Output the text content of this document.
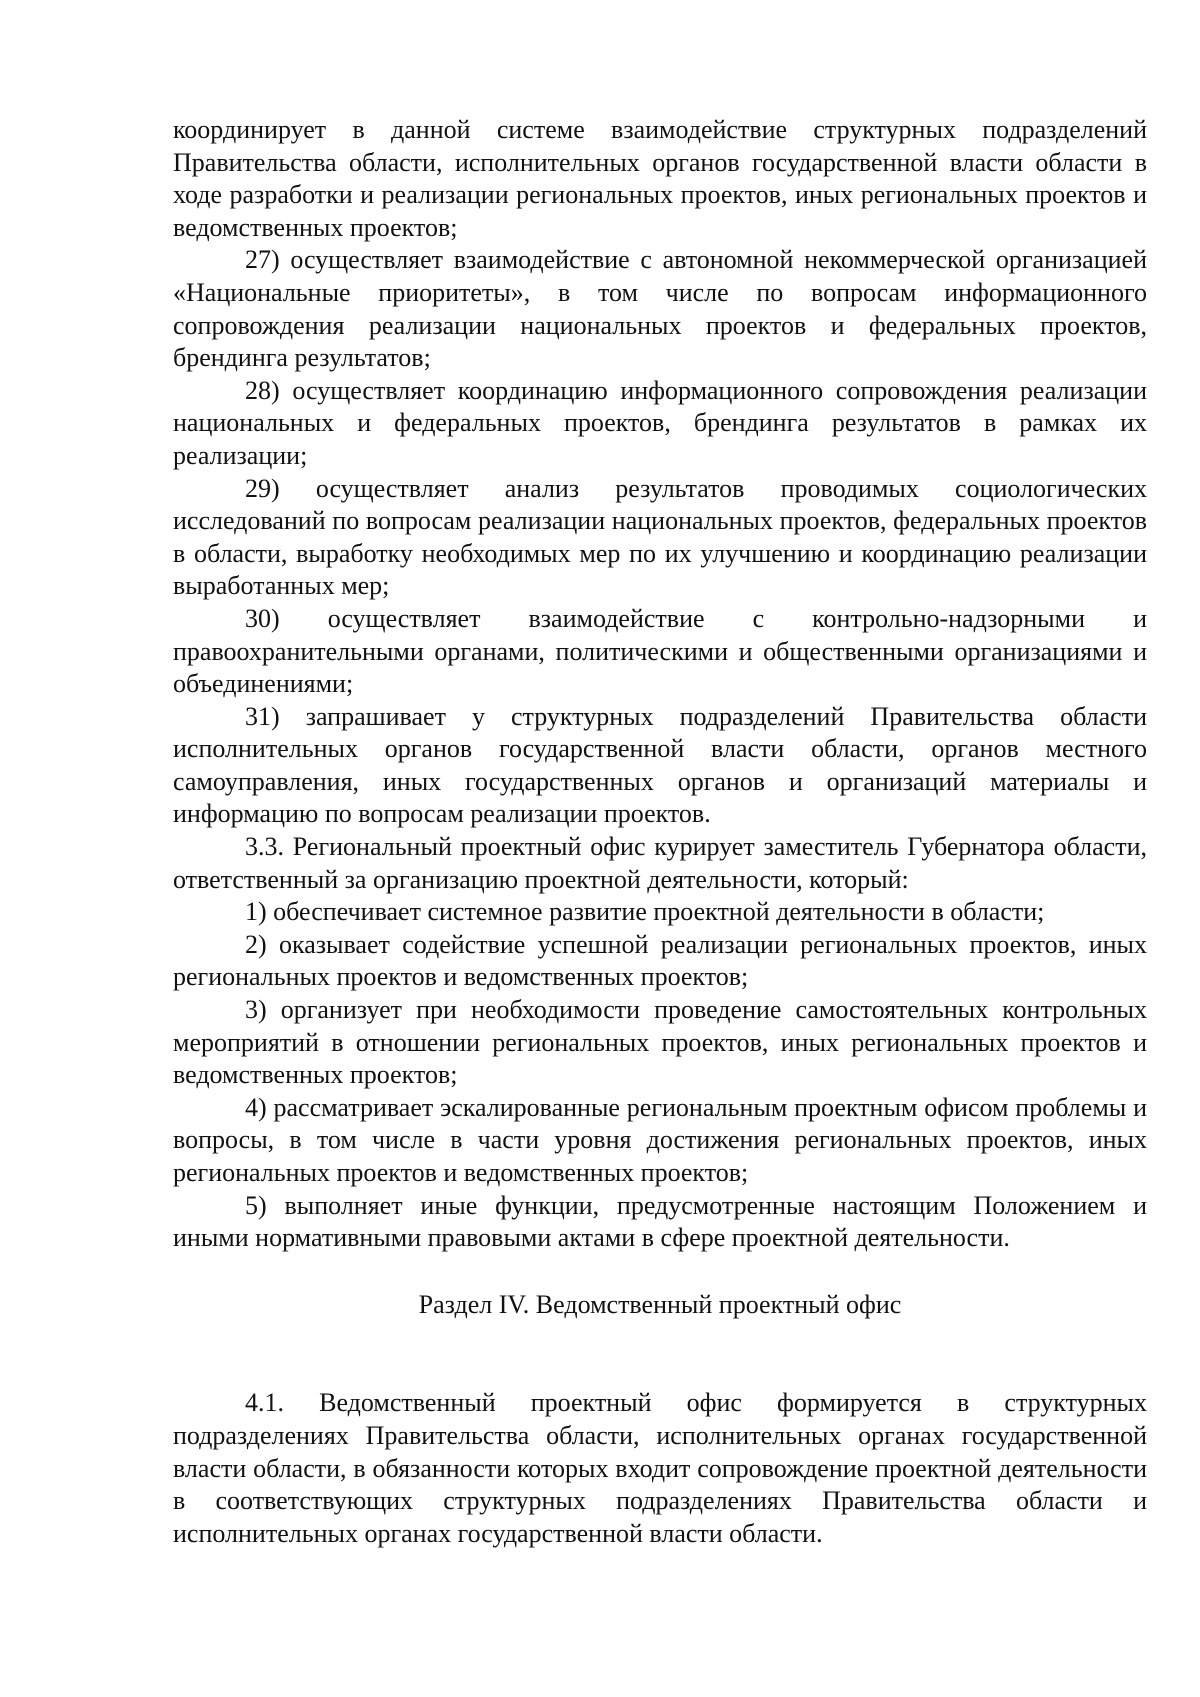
координирует в данной системе взаимодействие структурных подразделений Правительства области, исполнительных органов государственной власти области в ходе разработки и реализации региональных проектов, иных региональных проектов и ведомственных проектов;

27) осуществляет взаимодействие с автономной некоммерческой организацией «Национальные приоритеты», в том числе по вопросам информационного сопровождения реализации национальных проектов и федеральных проектов, брендинга результатов;

28) осуществляет координацию информационного сопровождения реализации национальных и федеральных проектов, брендинга результатов в рамках их реализации;

29) осуществляет анализ результатов проводимых социологических исследований по вопросам реализации национальных проектов, федеральных проектов в области, выработку необходимых мер по их улучшению и координацию реализации выработанных мер;

30) осуществляет взаимодействие с контрольно-надзорными и правоохранительными органами, политическими и общественными организациями и объединениями;

31) запрашивает у структурных подразделений Правительства области исполнительных органов государственной власти области, органов местного самоуправления, иных государственных органов и организаций материалы и информацию по вопросам реализации проектов.

3.3. Региональный проектный офис курирует заместитель Губернатора области, ответственный за организацию проектной деятельности, который:

1) обеспечивает системное развитие проектной деятельности в области;

2) оказывает содействие успешной реализации региональных проектов, иных региональных проектов и ведомственных проектов;

3) организует при необходимости проведение самостоятельных контрольных мероприятий в отношении региональных проектов, иных региональных проектов и ведомственных проектов;

4) рассматривает эскалированные региональным проектным офисом проблемы и вопросы, в том числе в части уровня достижения региональных проектов, иных региональных проектов и ведомственных проектов;

5) выполняет иные функции, предусмотренные настоящим Положением и иными нормативными правовыми актами в сфере проектной деятельности.

Раздел IV. Ведомственный проектный офис

4.1. Ведомственный проектный офис формируется в структурных подразделениях Правительства области, исполнительных органах государственной власти области, в обязанности которых входит сопровождение проектной деятельности в соответствующих структурных подразделениях Правительства области и исполнительных органах государственной власти области.
